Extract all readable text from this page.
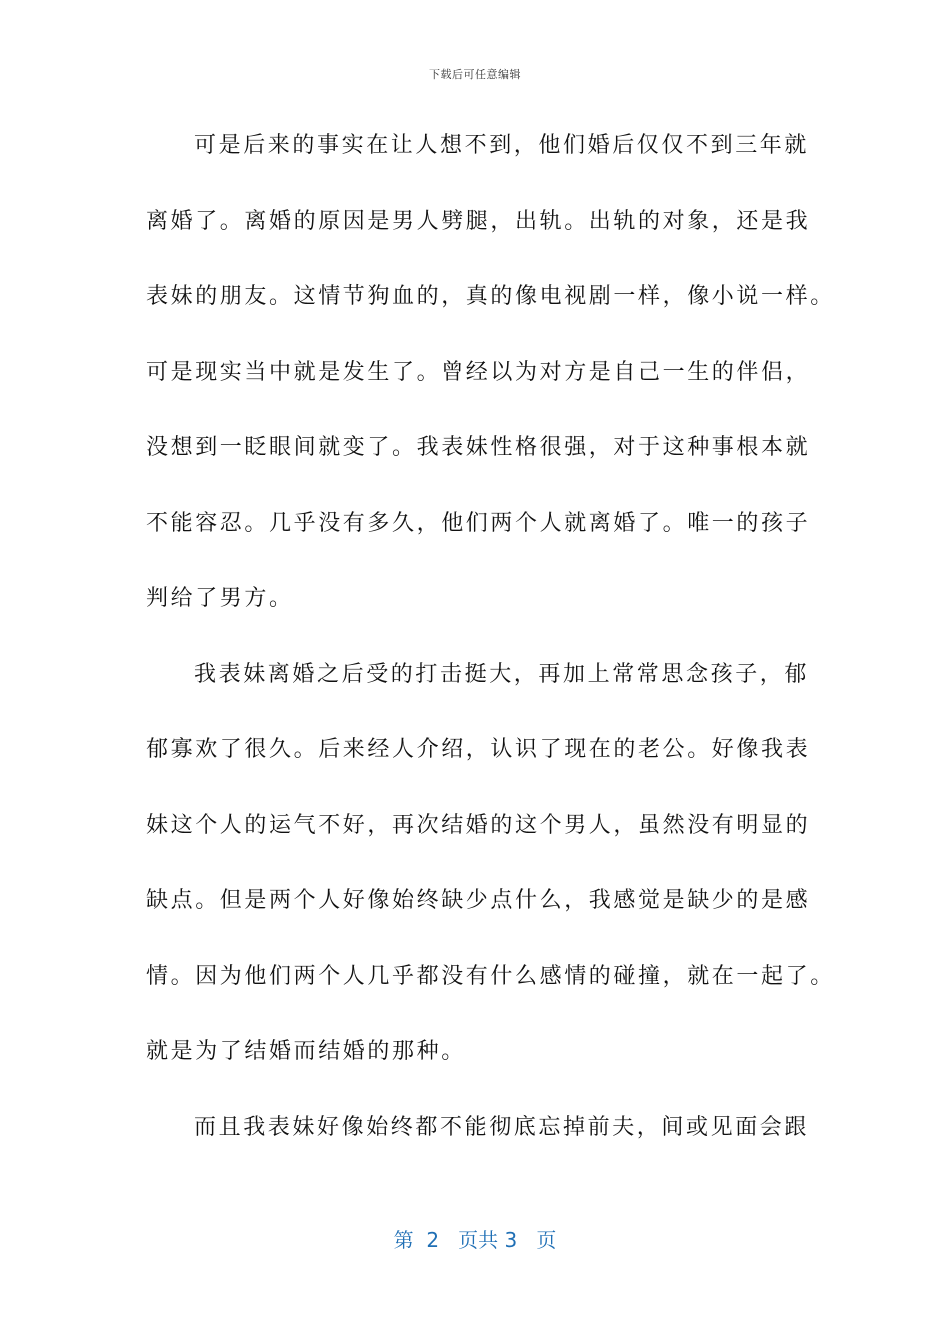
下载后可任意编辑
可是后来的事实在让人想不到，他们婚后仅仅不到三年就
离婚了。离婚的原因是男人劈腿，出轨。出轨的对象，还是我
表妹的朋友。这情节狗血的，真的像电视剧一样，像小说一样。
可是现实当中就是发生了。曾经以为对方是自己一生的伴侣，
没想到一眨眼间就变了。我表妹性格很强，对于这种事根本就
不能容忍。几乎没有多久，他们两个人就离婚了。唯一的孩子
判给了男方。
我表妹离婚之后受的打击挺大，再加上常常思念孩子，郁
郁寡欢了很久。后来经人介绍，认识了现在的老公。好像我表
妹这个人的运气不好，再次结婚的这个男人，虽然没有明显的
缺点。但是两个人好像始终缺少点什么，我感觉是缺少的是感
情。因为他们两个人几乎都没有什么感情的碰撞，就在一起了。
就是为了结婚而结婚的那种。
而且我表妹好像始终都不能彻底忘掉前夫，间或见面会跟
第  2   页共 3   页
